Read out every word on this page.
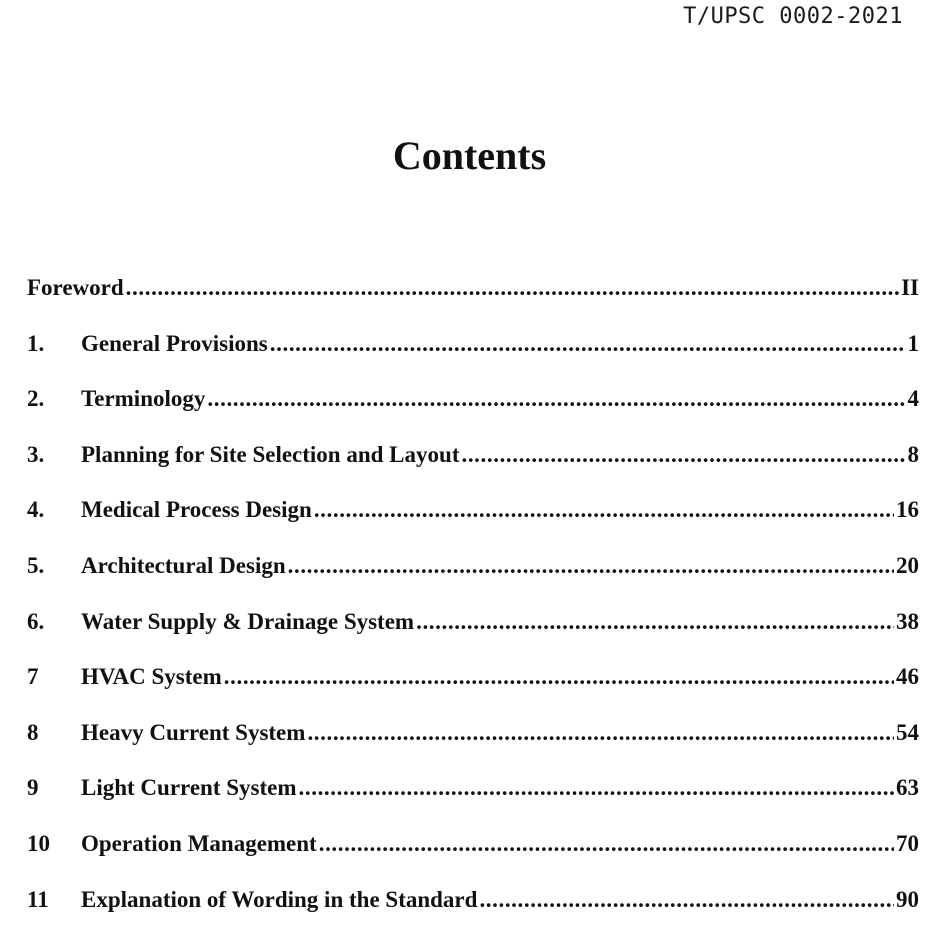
T/UPSC 0002-2021
Contents
Foreword .....	II
1.	General Provisions .....	1
2.	Terminology .....	4
3.	Planning for Site Selection and Layout .....	8
4.	Medical Process Design .....	16
5.	Architectural Design .....	20
6.	Water Supply & Drainage System .....	38
7	HVAC System .....	46
8	Heavy Current System .....	54
9	Light Current System .....	63
10	Operation Management .....	70
11	Explanation of Wording in the Standard .....	90
